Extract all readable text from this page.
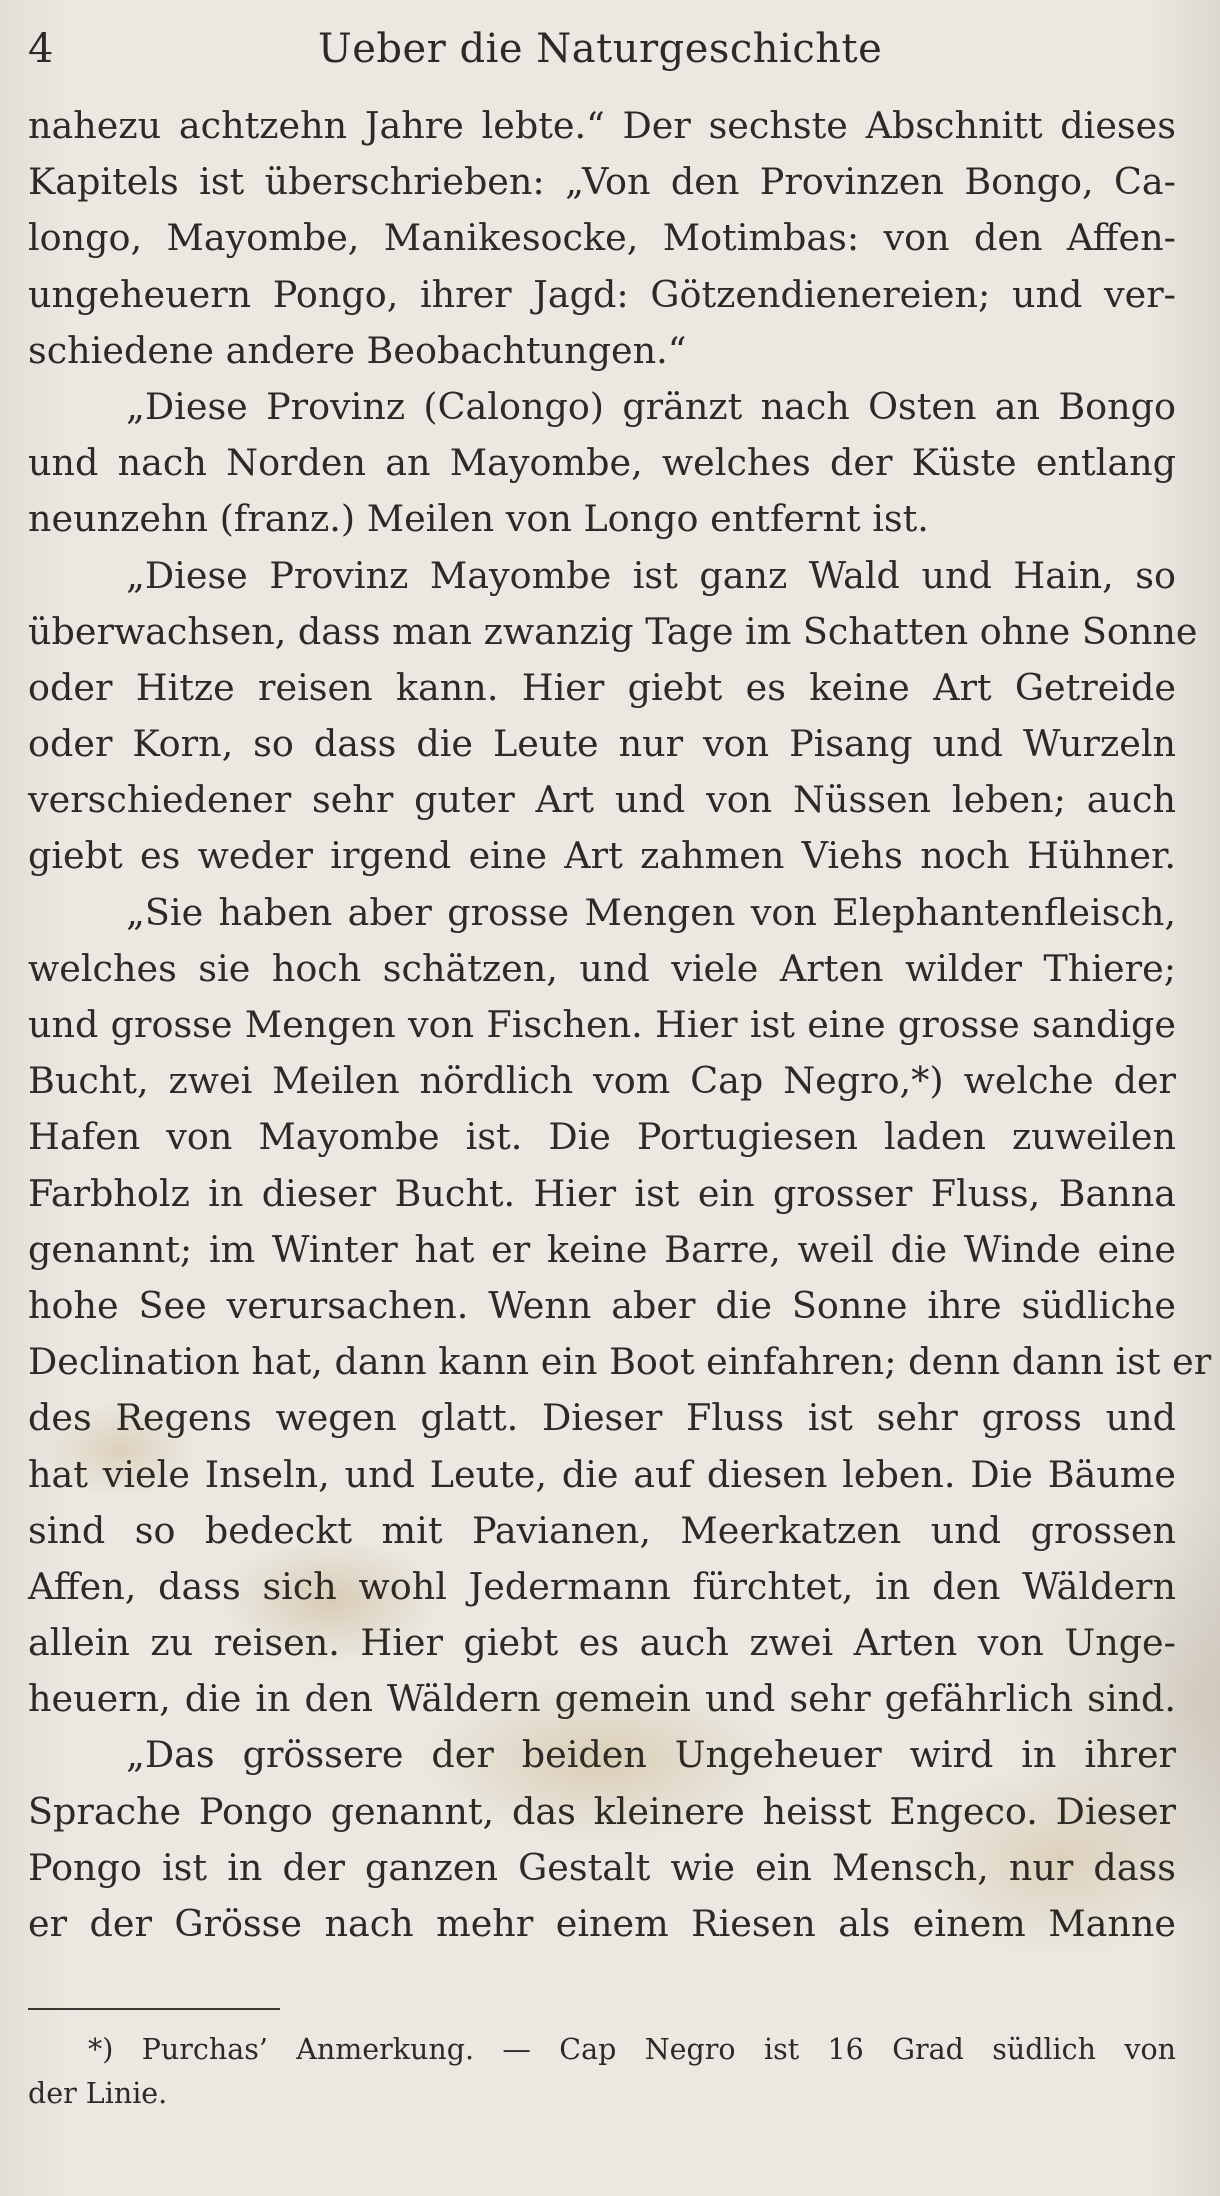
4	Ueber die Naturgeschichte
nahezu achtzehn Jahre lebte.“ Der sechste Abschnitt dieses
Kapitels ist überschrieben: „Von den Provinzen Bongo, Ca-
longo, Mayombe, Manikesocke, Motimbas: von den Affen-
ungeheuern Pongo, ihrer Jagd: Götzendienereien; und ver-
schiedene andere Beobachtungen.“
„Diese Provinz (Calongo) gränzt nach Osten an Bongo
und nach Norden an Mayombe, welches der Küste entlang
neunzehn (franz.) Meilen von Longo entfernt ist.
„Diese Provinz Mayombe ist ganz Wald und Hain, so
überwachsen, dass man zwanzig Tage im Schatten ohne Sonne
oder Hitze reisen kann. Hier giebt es keine Art Getreide
oder Korn, so dass die Leute nur von Pisang und Wurzeln
verschiedener sehr guter Art und von Nüssen leben; auch
giebt es weder irgend eine Art zahmen Viehs noch Hühner.
„Sie haben aber grosse Mengen von Elephantenfleisch,
welches sie hoch schätzen, und viele Arten wilder Thiere;
und grosse Mengen von Fischen. Hier ist eine grosse sandige
Bucht, zwei Meilen nördlich vom Cap Negro,*) welche der
Hafen von Mayombe ist. Die Portugiesen laden zuweilen
Farbholz in dieser Bucht. Hier ist ein grosser Fluss, Banna
genannt; im Winter hat er keine Barre, weil die Winde eine
hohe See verursachen. Wenn aber die Sonne ihre südliche
Declination hat, dann kann ein Boot einfahren; denn dann ist er
des Regens wegen glatt. Dieser Fluss ist sehr gross und
hat viele Inseln, und Leute, die auf diesen leben. Die Bäume
sind so bedeckt mit Pavianen, Meerkatzen und grossen
Affen, dass sich wohl Jedermann fürchtet, in den Wäldern
allein zu reisen. Hier giebt es auch zwei Arten von Unge-
heuern, die in den Wäldern gemein und sehr gefährlich sind.
„Das grössere der beiden Ungeheuer wird in ihrer
Sprache Pongo genannt, das kleinere heisst Engeco. Dieser
Pongo ist in der ganzen Gestalt wie ein Mensch, nur dass
er der Grösse nach mehr einem Riesen als einem Manne
*) Purchas’ Anmerkung. — Cap Negro ist 16 Grad südlich von
der Linie.
